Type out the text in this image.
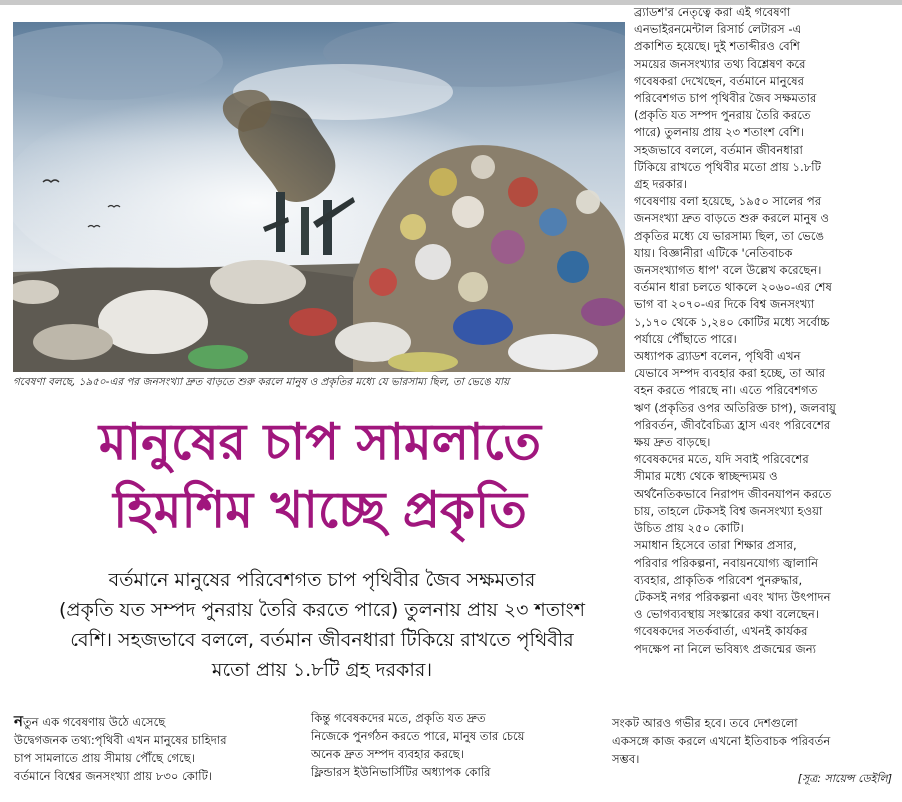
গবেষণা বলছে, ১৯৫০-এর পর জনসংখ্যা দ্রুত বাড়তে শুরু করলে মানুষ ও প্রকৃতির মধ্যে যে ভারসাম্য ছিল, তা ভেঙে যায়
মানুষের চাপ সামলাতে
হিমশিম খাচ্ছে প্রকৃতি
বর্তমানে মানুষের পরিবেশগত চাপ পৃথিবীর জৈব সক্ষমতার
(প্রকৃতি যত সম্পদ পুনরায় তৈরি করতে পারে) তুলনায় প্রায় ২৩ শতাংশ
বেশি। সহজভাবে বললে, বর্তমান জীবনধারা টিকিয়ে রাখতে পৃথিবীর
মতো প্রায় ১.৮টি গ্রহ দরকার।
নতুন এক গবেষণায় উঠে এসেছে
উদ্বেগজনক তথ্য:পৃথিবী এখন মানুষের চাহিদার
চাপ সামলাতে প্রায় সীমায় পৌঁছে গেছে।
বর্তমানে বিশ্বের জনসংখ্যা প্রায় ৮৩০ কোটি।
কিন্তু গবেষকদের মতে, প্রকৃতি যত দ্রুত
নিজেকে পুনর্গঠন করতে পারে, মানুষ তার চেয়ে
অনেক দ্রুত সম্পদ ব্যবহার করছে।
ফ্লিন্ডারস ইউনিভার্সিটির অধ্যাপক কোরি
ব্র্যাডশ'র নেতৃত্বে করা এই গবেষণা
এনভাইরনমেন্টাল রিসার্চ লেটারস -এ
প্রকাশিত হয়েছে। দুই শতাব্দীরও বেশি
সময়ের জনসংখ্যার তথ্য বিশ্লেষণ করে
গবেষকরা দেখেছেন, বর্তমানে মানুষের
পরিবেশগত চাপ পৃথিবীর জৈব সক্ষমতার
(প্রকৃতি যত সম্পদ পুনরায় তৈরি করতে
পারে) তুলনায় প্রায় ২৩ শতাংশ বেশি।
সহজভাবে বললে, বর্তমান জীবনধারা
টিকিয়ে রাখতে পৃথিবীর মতো প্রায় ১.৮টি
গ্রহ দরকার।
গবেষণায় বলা হয়েছে, ১৯৫০ সালের পর
জনসংখ্যা দ্রুত বাড়তে শুরু করলে মানুষ ও
প্রকৃতির মধ্যে যে ভারসাম্য ছিল, তা ভেঙে
যায়। বিজ্ঞানীরা এটিকে 'নেতিবাচক
জনসংখ্যাগত ধাপ' বলে উল্লেখ করেছেন।
বর্তমান ধারা চলতে থাকলে ২০৬০-এর শেষ
ভাগ বা ২০৭০-এর দিকে বিশ্ব জনসংখ্যা
১,১৭০ থেকে ১,২৪০ কোটির মধ্যে সর্বোচ্চ
পর্যায়ে পৌঁছাতে পারে।
অধ্যাপক ব্র্যাডশ বলেন, পৃথিবী এখন
যেভাবে সম্পদ ব্যবহার করা হচ্ছে, তা আর
বহন করতে পারছে না। এতে পরিবেশগত
ঋণ (প্রকৃতির ওপর অতিরিক্ত চাপ), জলবায়ু
পরিবর্তন, জীববৈচিত্র্য হ্রাস এবং পরিবেশের
ক্ষয় দ্রুত বাড়ছে।
গবেষকদের মতে, যদি সবাই পরিবেশের
সীমার মধ্যে থেকে স্বাচ্ছন্দ্যময় ও
অর্থনৈতিকভাবে নিরাপদ জীবনযাপন করতে
চায়, তাহলে টেকসই বিশ্ব জনসংখ্যা হওয়া
উচিত প্রায় ২৫০ কোটি।
সমাধান হিসেবে তারা শিক্ষার প্রসার,
পরিবার পরিকল্পনা, নবায়নযোগ্য জ্বালানি
ব্যবহার, প্রাকৃতিক পরিবেশ পুনরুদ্ধার,
টেকসই নগর পরিকল্পনা এবং খাদ্য উৎপাদন
ও ভোগব্যবস্থায় সংস্কারের কথা বলেছেন।
গবেষকদের সতর্কবার্তা, এখনই কার্যকর
পদক্ষেপ না নিলে ভবিষ্যৎ প্রজন্মের জন্য
সংকট আরও গভীর হবে। তবে দেশগুলো
একসঙ্গে কাজ করলে এখনো ইতিবাচক পরিবর্তন
সম্ভব।
[সূত্র: সায়েন্স ডেইলি]
